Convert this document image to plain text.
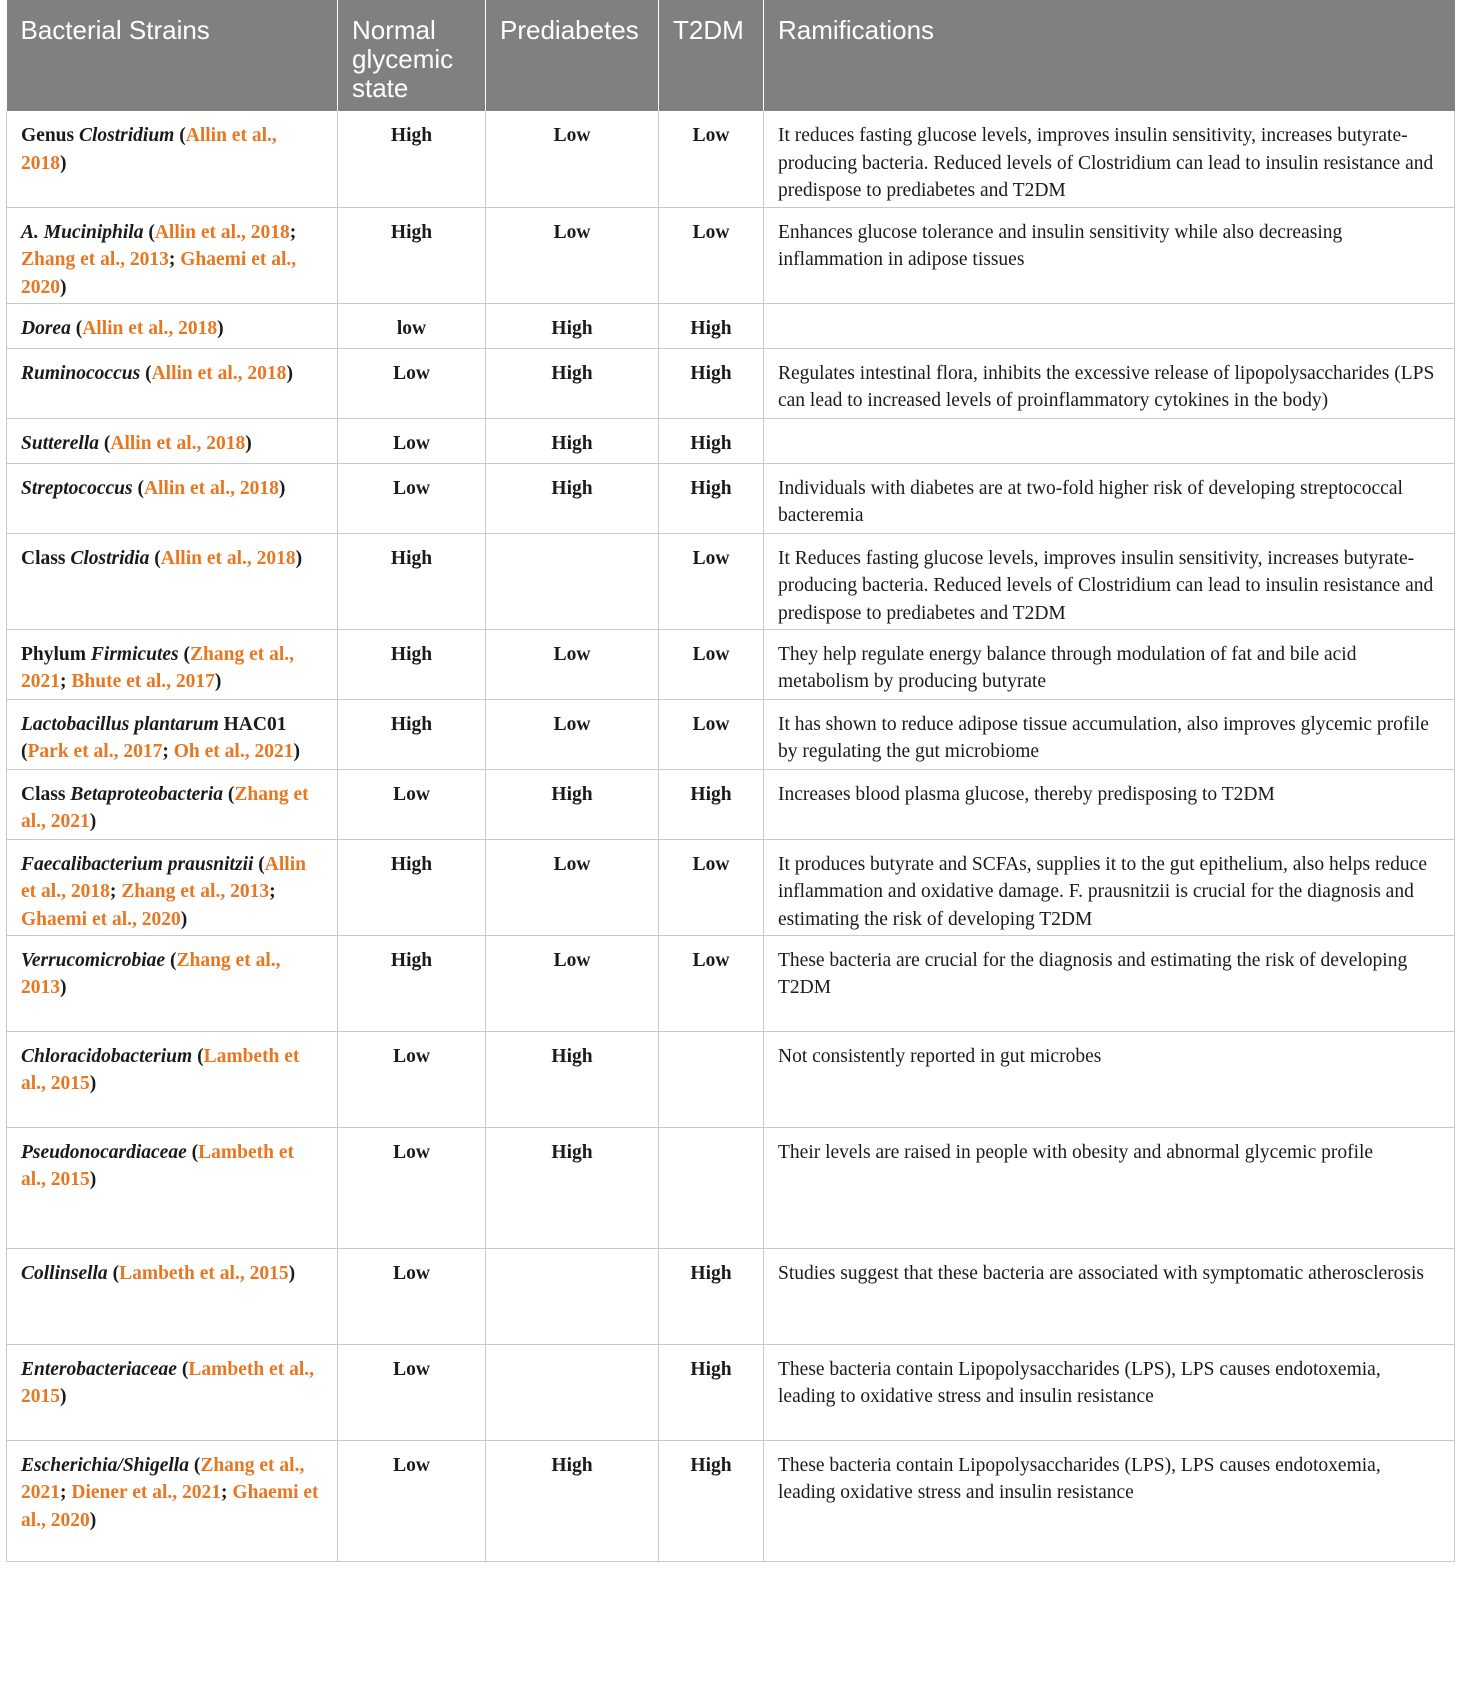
Bacterial Strains	Normal glycemic state	Prediabetes	T2DM	Ramifications
Genus Clostridium (Allin et al., 2018)	High	Low	Low	It reduces fasting glucose levels, improves insulin sensitivity, increases butyrate-producing bacteria. Reduced levels of Clostridium can lead to insulin resistance and predispose to prediabetes and T2DM
A. Muciniphila (Allin et al., 2018; Zhang et al., 2013; Ghaemi et al., 2020)	High	Low	Low	Enhances glucose tolerance and insulin sensitivity while also decreasing inflammation in adipose tissues
Dorea (Allin et al., 2018)	low	High	High	
Ruminococcus (Allin et al., 2018)	Low	High	High	Regulates intestinal flora, inhibits the excessive release of lipopolysaccharides (LPS can lead to increased levels of proinflammatory cytokines in the body)
Sutterella (Allin et al., 2018)	Low	High	High	
Streptococcus (Allin et al., 2018)	Low	High	High	Individuals with diabetes are at two-fold higher risk of developing streptococcal bacteremia
Class Clostridia (Allin et al., 2018)	High		Low	It Reduces fasting glucose levels, improves insulin sensitivity, increases butyrate-producing bacteria. Reduced levels of Clostridium can lead to insulin resistance and predispose to prediabetes and T2DM
Phylum Firmicutes (Zhang et al., 2021; Bhute et al., 2017)	High	Low	Low	They help regulate energy balance through modulation of fat and bile acid metabolism by producing butyrate
Lactobacillus plantarum HAC01 (Park et al., 2017; Oh et al., 2021)	High	Low	Low	It has shown to reduce adipose tissue accumulation, also improves glycemic profile by regulating the gut microbiome
Class Betaproteobacteria (Zhang et al., 2021)	Low	High	High	Increases blood plasma glucose, thereby predisposing to T2DM
Faecalibacterium prausnitzii (Allin et al., 2018; Zhang et al., 2013; Ghaemi et al., 2020)	High	Low	Low	It produces butyrate and SCFAs, supplies it to the gut epithelium, also helps reduce inflammation and oxidative damage. F. prausnitzii is crucial for the diagnosis and estimating the risk of developing T2DM
Verrucomicrobiae (Zhang et al., 2013)	High	Low	Low	These bacteria are crucial for the diagnosis and estimating the risk of developing T2DM
Chloracidobacterium (Lambeth et al., 2015)	Low	High		Not consistently reported in gut microbes
Pseudonocardiaceae (Lambeth et al., 2015)	Low	High		Their levels are raised in people with obesity and abnormal glycemic profile
Collinsella (Lambeth et al., 2015)	Low		High	Studies suggest that these bacteria are associated with symptomatic atherosclerosis
Enterobacteriaceae (Lambeth et al., 2015)	Low		High	These bacteria contain Lipopolysaccharides (LPS), LPS causes endotoxemia, leading to oxidative stress and insulin resistance
Escherichia/Shigella (Zhang et al., 2021; Diener et al., 2021; Ghaemi et al., 2020)	Low	High	High	These bacteria contain Lipopolysaccharides (LPS), LPS causes endotoxemia, leading oxidative stress and insulin resistance
